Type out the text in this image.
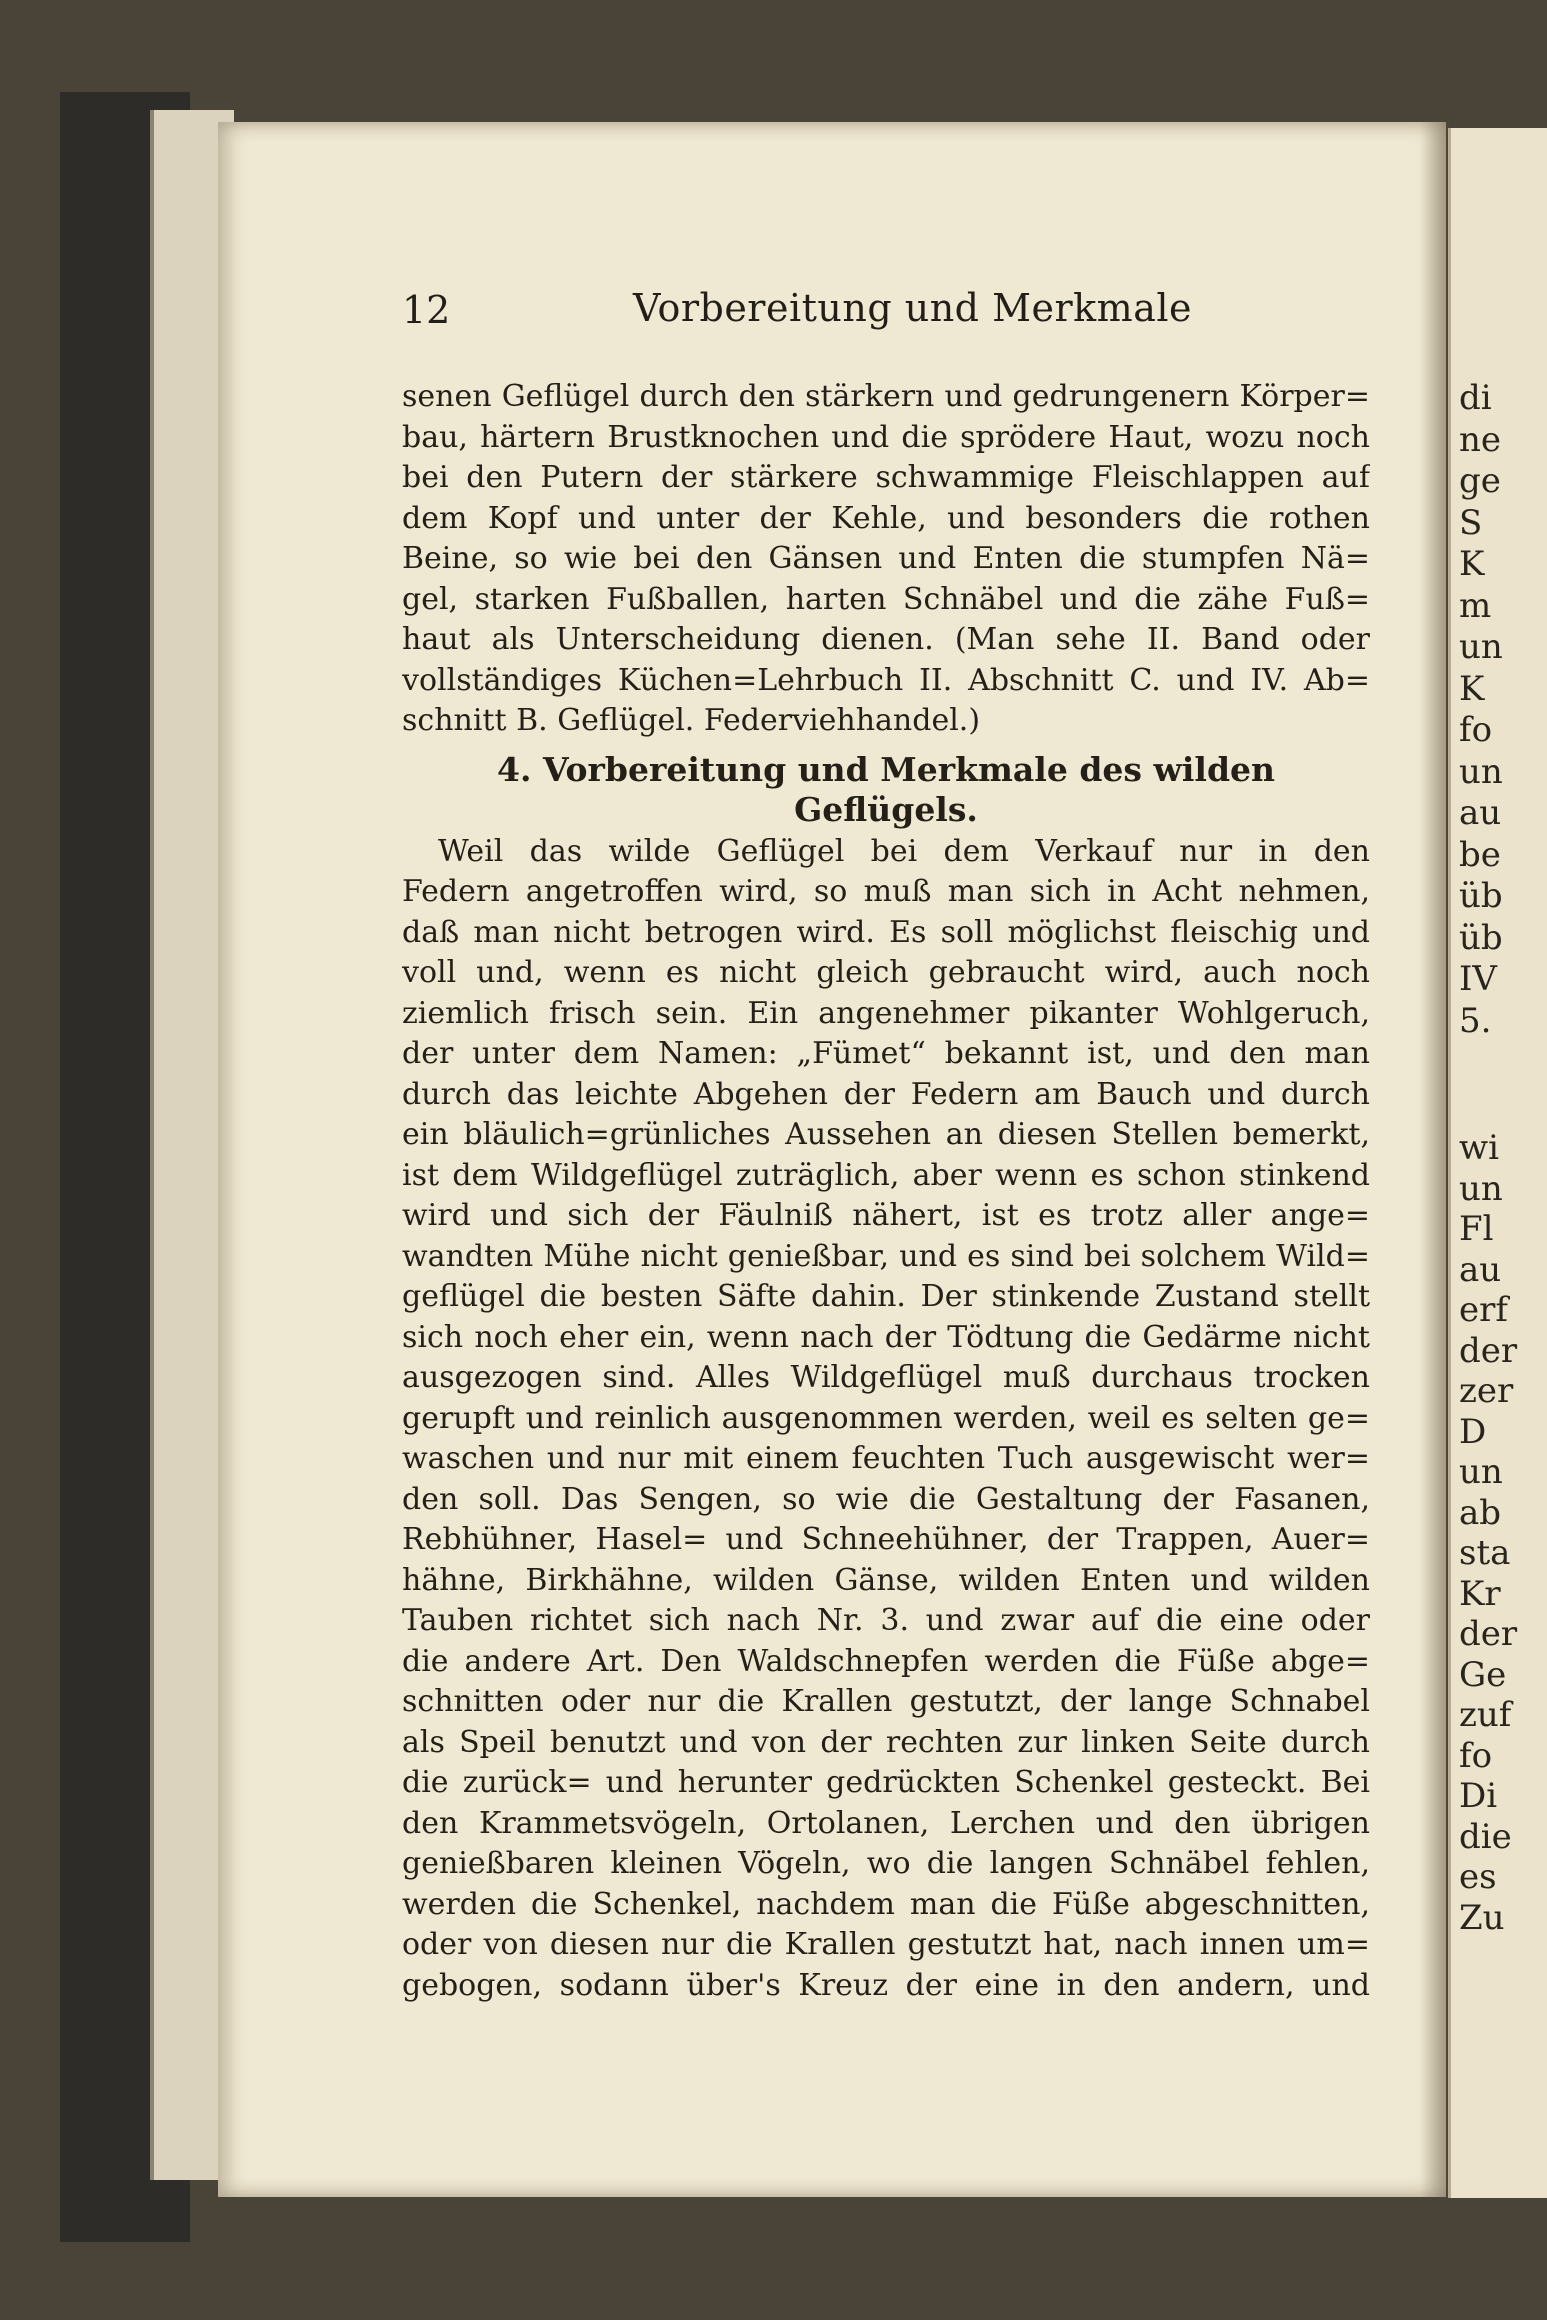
di
ne
ge
S
K
m
un
K
fo
un
au
be
üb
üb
IV
5.
wi
un
Fl
au
erf
der
zer
D
un
ab
sta
Kr
der
Ge
zuf
fo
Di
die
es
Zu
12	Vorbereitung und Merkmale
senen Geflügel durch den stärkern und gedrungenern Körper=
bau, härtern Brustknochen und die sprödere Haut, wozu noch
bei den Putern der stärkere schwammige Fleischlappen auf
dem Kopf und unter der Kehle, und besonders die rothen
Beine, so wie bei den Gänsen und Enten die stumpfen Nä=
gel, starken Fußballen, harten Schnäbel und die zähe Fuß=
haut als Unterscheidung dienen. (Man sehe II. Band oder
vollständiges Küchen=Lehrbuch II. Abschnitt C. und IV. Ab=
schnitt B. Geflügel. Federviehhandel.)
4. Vorbereitung und Merkmale des wilden
Geflügels.
Weil das wilde Geflügel bei dem Verkauf nur in den
Federn angetroffen wird, so muß man sich in Acht nehmen,
daß man nicht betrogen wird. Es soll möglichst fleischig und
voll und, wenn es nicht gleich gebraucht wird, auch noch
ziemlich frisch sein. Ein angenehmer pikanter Wohlgeruch,
der unter dem Namen: „Fümet“ bekannt ist, und den man
durch das leichte Abgehen der Federn am Bauch und durch
ein bläulich=grünliches Aussehen an diesen Stellen bemerkt,
ist dem Wildgeflügel zuträglich, aber wenn es schon stinkend
wird und sich der Fäulniß nähert, ist es trotz aller ange=
wandten Mühe nicht genießbar, und es sind bei solchem Wild=
geflügel die besten Säfte dahin. Der stinkende Zustand stellt
sich noch eher ein, wenn nach der Tödtung die Gedärme nicht
ausgezogen sind. Alles Wildgeflügel muß durchaus trocken
gerupft und reinlich ausgenommen werden, weil es selten ge=
waschen und nur mit einem feuchten Tuch ausgewischt wer=
den soll. Das Sengen, so wie die Gestaltung der Fasanen,
Rebhühner, Hasel= und Schneehühner, der Trappen, Auer=
hähne, Birkhähne, wilden Gänse, wilden Enten und wilden
Tauben richtet sich nach Nr. 3. und zwar auf die eine oder
die andere Art. Den Waldschnepfen werden die Füße abge=
schnitten oder nur die Krallen gestutzt, der lange Schnabel
als Speil benutzt und von der rechten zur linken Seite durch
die zurück= und herunter gedrückten Schenkel gesteckt. Bei
den Krammetsvögeln, Ortolanen, Lerchen und den übrigen
genießbaren kleinen Vögeln, wo die langen Schnäbel fehlen,
werden die Schenkel, nachdem man die Füße abgeschnitten,
oder von diesen nur die Krallen gestutzt hat, nach innen um=
gebogen, sodann über's Kreuz der eine in den andern, und
